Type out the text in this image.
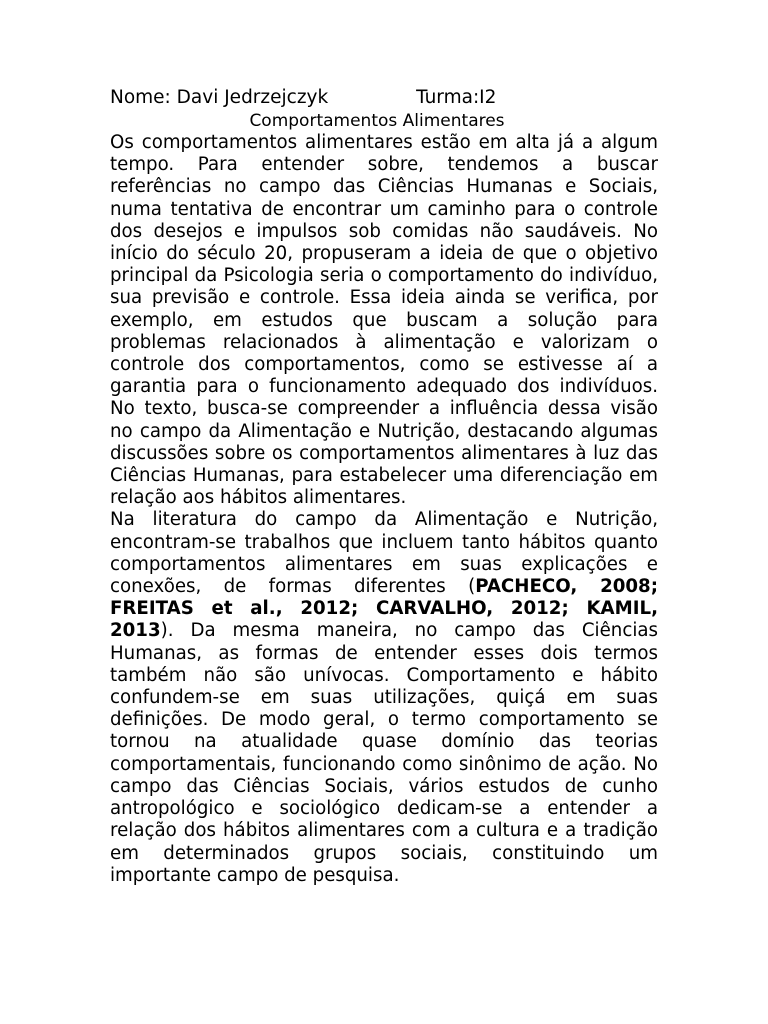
Nome: Davi Jedrzejczyk	Turma:I2
Comportamentos Alimentares

Os comportamentos alimentares estão em alta já a algum tempo. Para entender sobre, tendemos a buscar referências no campo das Ciências Humanas e Sociais, numa tentativa de encontrar um caminho para o controle dos desejos e impulsos sob comidas não saudáveis. No início do século 20, propuseram a ideia de que o objetivo principal da Psicologia seria o comportamento do indivíduo, sua previsão e controle. Essa ideia ainda se verifica, por exemplo, em estudos que buscam a solução para problemas relacionados à alimentação e valorizam o controle dos comportamentos, como se estivesse aí a garantia para o funcionamento adequado dos indivíduos. No texto, busca-se compreender a influência dessa visão no campo da Alimentação e Nutrição, destacando algumas discussões sobre os comportamentos alimentares à luz das Ciências Humanas, para estabelecer uma diferenciação em relação aos hábitos alimentares.

Na literatura do campo da Alimentação e Nutrição, encontram-se trabalhos que incluem tanto hábitos quanto comportamentos alimentares em suas explicações e conexões, de formas diferentes (PACHECO, 2008; FREITAS et al., 2012; CARVALHO, 2012; KAMIL, 2013). Da mesma maneira, no campo das Ciências Humanas, as formas de entender esses dois termos também não são unívocas. Comportamento e hábito confundem-se em suas utilizações, quiçá em suas definições. De modo geral, o termo comportamento se tornou na atualidade quase domínio das teorias comportamentais, funcionando como sinônimo de ação. No campo das Ciências Sociais, vários estudos de cunho antropológico e sociológico dedicam-se a entender a relação dos hábitos alimentares com a cultura e a tradição em determinados grupos sociais, constituindo um importante campo de pesquisa.
